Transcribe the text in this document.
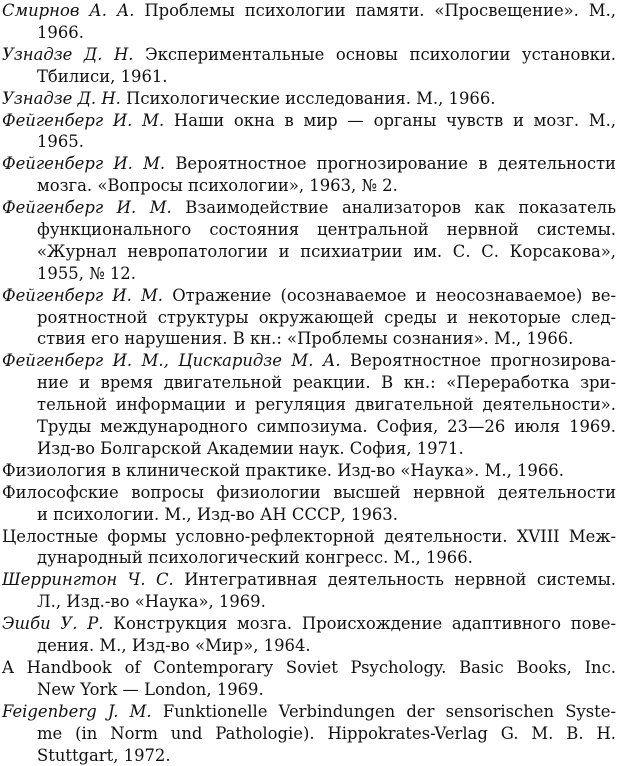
Смирнов А. А. Проблемы психологии памяти. «Просвещение». М.,
1966.
Узнадзе Д. Н. Экспериментальные основы психологии установки.
Тбилиси, 1961.
Узнадзе Д. Н. Психологические исследования. М., 1966.
Фейгенберг И. М. Наши окна в мир — органы чувств и мозг. М.,
1965.
Фейгенберг И. М. Вероятностное прогнозирование в деятельности
мозга. «Вопросы психологии», 1963, № 2.
Фейгенберг И. М. Взаимодействие анализаторов как показатель
функционального состояния центральной нервной системы.
«Журнал невропатологии и психиатрии им. С. С. Корсакова»,
1955, № 12.
Фейгенберг И. М. Отражение (осознаваемое и неосознаваемое) ве-
роятностной структуры окружающей среды и некоторые след-
ствия его нарушения. В кн.: «Проблемы сознания». М., 1966.
Фейгенберг И. М., Цискаридзе М. А. Вероятностное прогнозирова-
ние и время двигательной реакции. В кн.: «Переработка зри-
тельной информации и регуляция двигательной деятельности».
Труды международного симпозиума. София, 23—26 июля 1969.
Изд-во Болгарской Академии наук. София, 1971.
Физиология в клинической практике. Изд-во «Наука». М., 1966.
Философские вопросы физиологии высшей нервной деятельности
и психологии. М., Изд-во АН СССР, 1963.
Целостные формы условно-рефлекторной деятельности. XVIII Меж-
дународный психологический конгресс. М., 1966.
Шеррингтон Ч. С. Интегративная деятельность нервной системы.
Л., Изд.-во «Наука», 1969.
Эшби У. Р. Конструкция мозга. Происхождение адаптивного пове-
дения. М., Изд-во «Мир», 1964.
A Handbook of Contemporary Soviet Psychology. Basic Books, Inc.
New York — London, 1969.
Feigenberg J. M. Funktionelle Verbindungen der sensorischen Syste-
me (in Norm und Pathologie). Hippokrates-Verlag G. M. B. H.
Stuttgart, 1972.
